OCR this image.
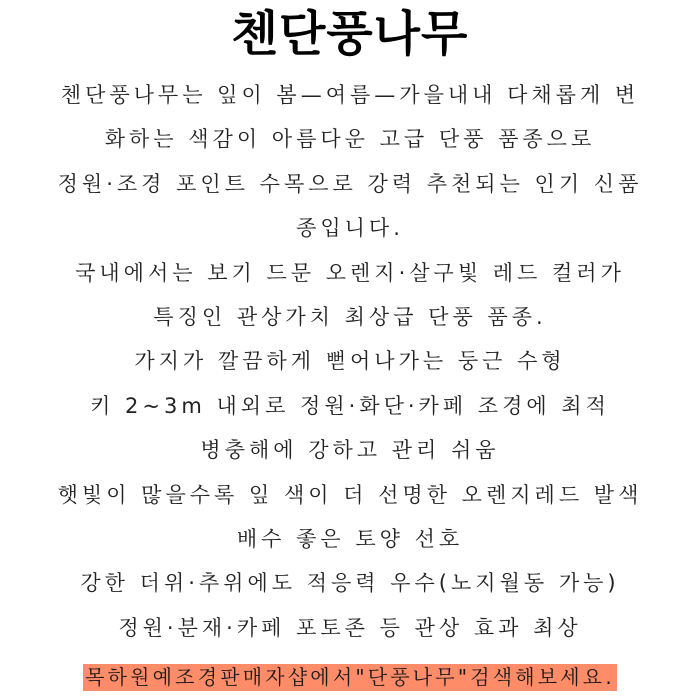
첸단풍나무
첸단풍나무는 잎이 봄—여름—가을내내 다채롭게 변
화하는 색감이 아름다운 고급 단풍 품종으로
정원·조경 포인트 수목으로 강력 추천되는 인기 신품
종입니다.
국내에서는 보기 드문 오렌지·살구빛 레드 컬러가
특징인 관상가치 최상급 단풍 품종.
가지가 깔끔하게 뻗어나가는 둥근 수형
키 2~3m 내외로 정원·화단·카페 조경에 최적
병충해에 강하고 관리 쉬움
햇빛이 많을수록 잎 색이 더 선명한 오렌지레드 발색
배수 좋은 토양 선호
강한 더위·추위에도 적응력 우수(노지월동 가능)
정원·분재·카페 포토존 등 관상 효과 최상
목하원예조경판매자샵에서"단풍나무"검색해보세요.
